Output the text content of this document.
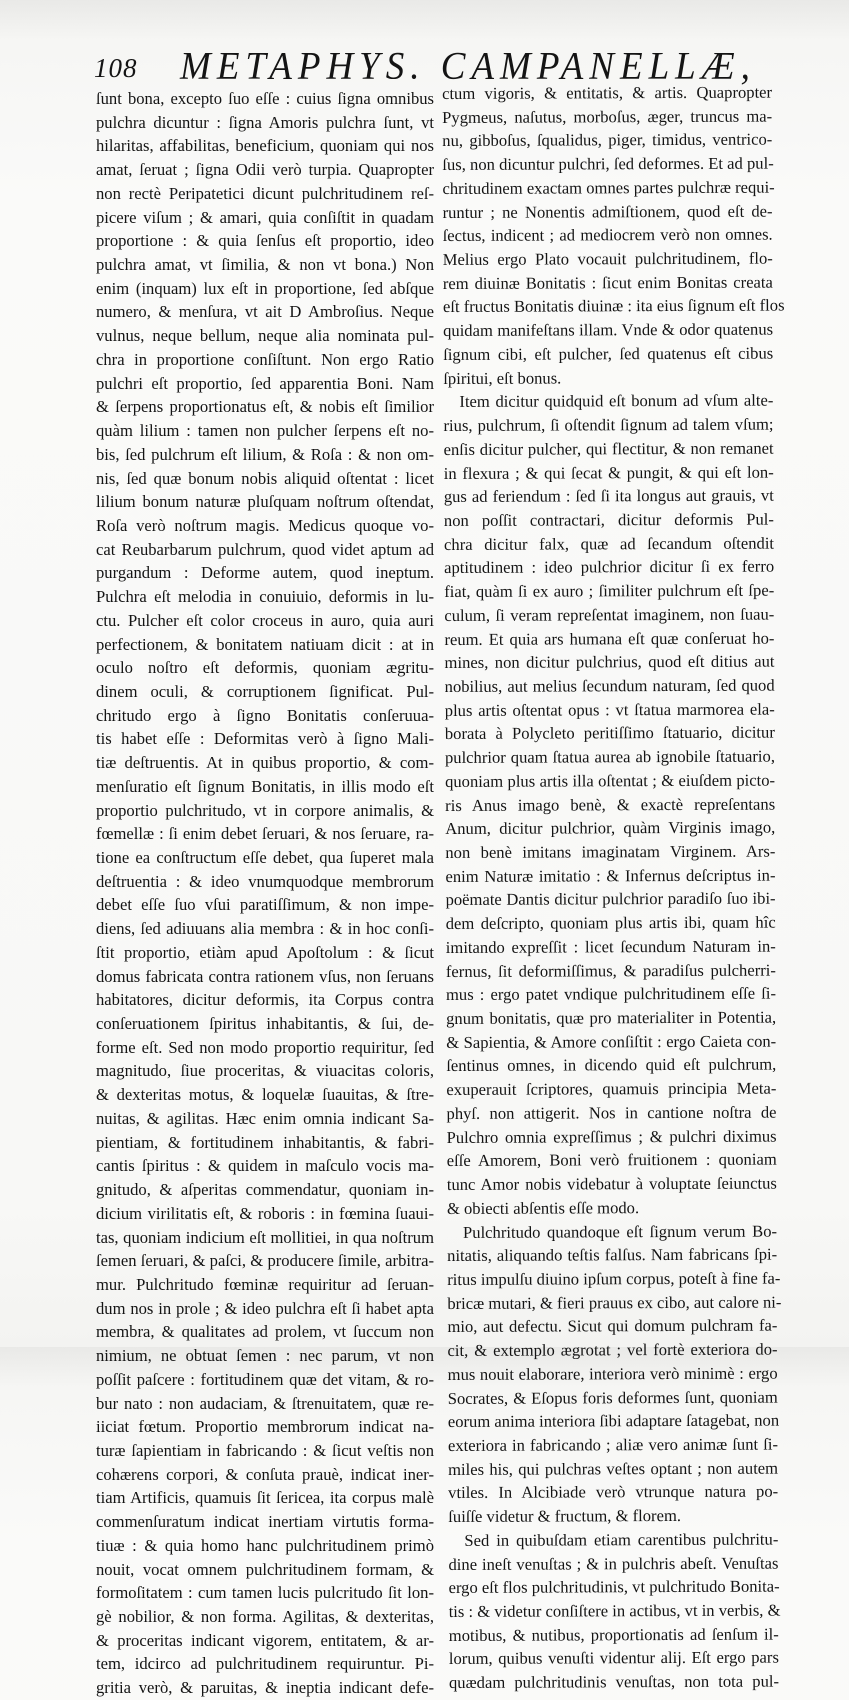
108 METAPHYS. CAMPANELLÆ,
ſunt bona, excepto ſuo eſſe : cuius ſigna omnibus
pulchra dicuntur : ſigna Amoris pulchra ſunt, vt
hilaritas, affabilitas, beneficium, quoniam qui nos
amat, ſeruat ; ſigna Odii verò turpia. Quapropter
non rectè Peripatetici dicunt pulchritudinem reſ-
picere viſum ; & amari, quia conſiſtit in quadam
proportione : & quia ſenſus eſt proportio, ideo
pulchra amat, vt ſimilia, & non vt bona.) Non
enim (inquam) lux eſt in proportione, ſed abſque
numero, & menſura, vt ait D Ambroſius. Neque
vulnus, neque bellum, neque alia nominata pul-
chra in proportione conſiſtunt. Non ergo Ratio
pulchri eſt proportio, ſed apparentia Boni. Nam
& ſerpens proportionatus eſt, & nobis eſt ſimilior
quàm lilium : tamen non pulcher ſerpens eſt no-
bis, ſed pulchrum eſt lilium, & Roſa : & non om-
nis, ſed quæ bonum nobis aliquid oſtentat : licet
lilium bonum naturæ pluſquam noſtrum oſtendat,
Roſa verò noſtrum magis. Medicus quoque vo-
cat Reubarbarum pulchrum, quod videt aptum ad
purgandum : Deforme autem, quod ineptum.
Pulchra eſt melodia in conuiuio, deformis in lu-
ctu. Pulcher eſt color croceus in auro, quia auri
perfectionem, & bonitatem natiuam dicit : at in
oculo noſtro eſt deformis, quoniam ægritu-
dinem oculi, & corruptionem ſignificat. Pul-
chritudo ergo à ſigno Bonitatis conſeruua-
tis habet eſſe : Deformitas verò à ſigno Mali-
tiæ deſtruentis. At in quibus proportio, & com-
menſuratio eſt ſignum Bonitatis, in illis modo eſt
proportio pulchritudo, vt in corpore animalis, &
fœmellæ : ſi enim debet ſeruari, & nos ſeruare, ra-
tione ea conſtructum eſſe debet, qua ſuperet mala
deſtruentia : & ideo vnumquodque membrorum
debet eſſe ſuo vſui paratiſſimum, & non impe-
diens, ſed adiuuans alia membra : & in hoc conſi-
ſtit proportio, etiàm apud Apoſtolum : & ſicut
domus fabricata contra rationem vſus, non ſeruans
habitatores, dicitur deformis, ita Corpus contra
conſeruationem ſpiritus inhabitantis, & ſui, de-
forme eſt. Sed non modo proportio requiritur, ſed
magnitudo, ſiue proceritas, & viuacitas coloris,
& dexteritas motus, & loquelæ ſuauitas, & ſtre-
nuitas, & agilitas. Hæc enim omnia indicant Sa-
pientiam, & fortitudinem inhabitantis, & fabri-
cantis ſpiritus : & quidem in maſculo vocis ma-
gnitudo, & aſperitas commendatur, quoniam in-
dicium virilitatis eſt, & roboris : in fœmina ſuaui-
tas, quoniam indicium eſt mollitiei, in qua noſtrum
ſemen ſeruari, & paſci, & producere ſimile, arbitra-
mur. Pulchritudo fœminæ requiritur ad ſeruan-
dum nos in prole ; & ideo pulchra eſt ſi habet apta
membra, & qualitates ad prolem, vt ſuccum non
nimium, ne obtuat ſemen : nec parum, vt non
poſſit paſcere : fortitudinem quæ det vitam, & ro-
bur nato : non audaciam, & ſtrenuitatem, quæ re-
iiciat fœtum. Proportio membrorum indicat na-
turæ ſapientiam in fabricando : & ſicut veſtis non
cohærens corpori, & conſuta prauè, indicat iner-
tiam Artificis, quamuis ſit ſericea, ita corpus malè
commenſuratum indicat inertiam virtutis forma-
tiuæ : & quia homo hanc pulchritudinem primò
nouit, vocat omnem pulchritudinem formam, &
formoſitatem : cum tamen lucis pulcritudo ſit lon-
gè nobilior, & non forma. Agilitas, & dexteritas,
& proceritas indicant vigorem, entitatem, & ar-
tem, idcirco ad pulchritudinem requiruntur. Pi-
gritia verò, & paruitas, & ineptia indicant defe-
ctum vigoris, & entitatis, & artis. Quapropter
Pygmeus, naſutus, morboſus, æger, truncus ma-
nu, gibboſus, ſqualidus, piger, timidus, ventrico-
ſus, non dicuntur pulchri, ſed deformes. Et ad pul-
chritudinem exactam omnes partes pulchræ requi-
runtur ; ne Nonentis admiſtionem, quod eſt de-
ſectus, indicent ; ad mediocrem verò non omnes.
Melius ergo Plato vocauit pulchritudinem, flo-
rem diuinæ Bonitatis : ſicut enim Bonitas creata
eſt fructus Bonitatis diuinæ : ita eius ſignum eſt flos
quidam manifeſtans illam. Vnde & odor quatenus
ſignum cibi, eſt pulcher, ſed quatenus eſt cibus
ſpiritui, eſt bonus.
Item dicitur quidquid eſt bonum ad vſum alte-
rius, pulchrum, ſi oſtendit ſignum ad talem vſum;
enſis dicitur pulcher, qui flectitur, & non remanet
in flexura ; & qui ſecat & pungit, & qui eſt lon-
gus ad feriendum : ſed ſi ita longus aut grauis, vt
non poſſit contractari, dicitur deformis Pul-
chra dicitur falx, quæ ad ſecandum oſtendit
aptitudinem : ideo pulchrior dicitur ſi ex ferro
fiat, quàm ſi ex auro ; ſimiliter pulchrum eſt ſpe-
culum, ſi veram repreſentat imaginem, non ſuau-
reum. Et quia ars humana eſt quæ conſeruat ho-
mines, non dicitur pulchrius, quod eſt ditius aut
nobilius, aut melius ſecundum naturam, ſed quod
plus artis oſtentat opus : vt ſtatua marmorea ela-
borata à Polycleto peritiſſimo ſtatuario, dicitur
pulchrior quam ſtatua aurea ab ignobile ſtatuario,
quoniam plus artis illa oſtentat ; & eiuſdem picto-
ris Anus imago benè, & exactè repreſentans
Anum, dicitur pulchrior, quàm Virginis imago,
non benè imitans imaginatam Virginem. Ars-
enim Naturæ imitatio : & Infernus deſcriptus in-
poëmate Dantis dicitur pulchrior paradiſo ſuo ibi-
dem deſcripto, quoniam plus artis ibi, quam hîc
imitando expreſſit : licet ſecundum Naturam in-
fernus, ſit deformiſſimus, & paradiſus pulcherri-
mus : ergo patet vndique pulchritudinem eſſe ſi-
gnum bonitatis, quæ pro materialiter in Potentia,
& Sapientia, & Amore conſiſtit : ergo Caieta con-
ſentinus omnes, in dicendo quid eſt pulchrum,
exuperauit ſcriptores, quamuis principia Meta-
phyſ. non attigerit. Nos in cantione noſtra de
Pulchro omnia expreſſimus ; & pulchri diximus
eſſe Amorem, Boni verò fruitionem : quoniam
tunc Amor nobis videbatur à voluptate ſeiunctus
& obiecti abſentis eſſe modo.
Pulchritudo quandoque eſt ſignum verum Bo-
nitatis, aliquando teſtis falſus. Nam fabricans ſpi-
ritus impulſu diuino ipſum corpus, poteſt à fine fa-
bricæ mutari, & fieri prauus ex cibo, aut calore ni-
mio, aut defectu. Sicut qui domum pulchram fa-
cit, & extemplo ægrotat ; vel fortè exteriora do-
mus nouit elaborare, interiora verò minimè : ergo
Socrates, & Eſopus foris deformes ſunt, quoniam
eorum anima interiora ſibi adaptare ſatagebat, non
exteriora in fabricando ; aliæ vero animæ ſunt ſi-
miles his, qui pulchras veſtes optant ; non autem
vtiles. In Alcibiade verò vtrunque natura po-
ſuiſſe videtur & fructum, & florem.
Sed in quibuſdam etiam carentibus pulchritu-
dine ineſt venuſtas ; & in pulchris abeſt. Venuſtas
ergo eſt flos pulchritudinis, vt pulchritudo Bonita-
tis : & videtur conſiſtere in actibus, vt in verbis, &
motibus, & nutibus, proportionatis ad ſenſum il-
lorum, quibus venuſti videntur alij. Eſt ergo pars
quædam pulchritudinis venuſtas, non tota pul-
